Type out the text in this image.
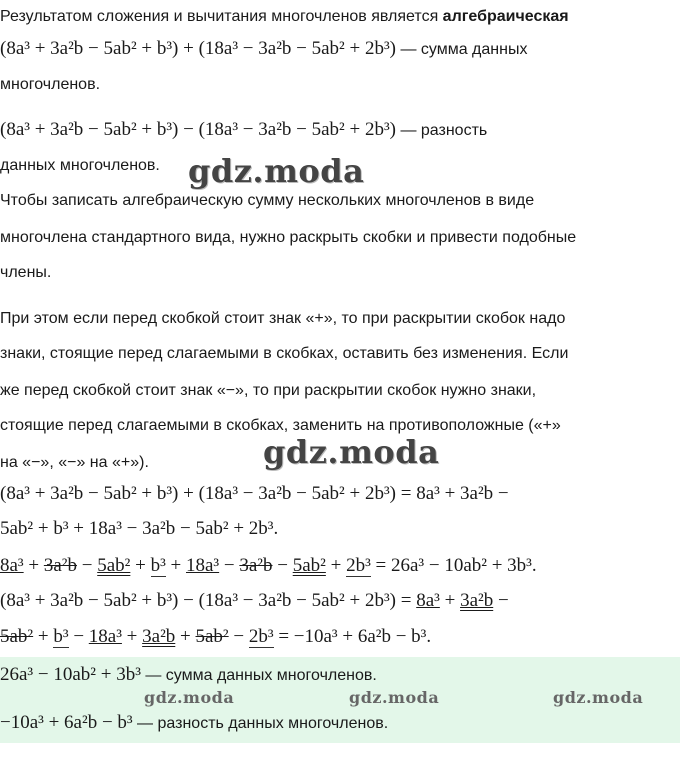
Результатом сложения и вычитания многочленов является алгебраическая
(8a³ + 3a²b − 5ab² + b³) + (18a³ − 3a²b − 5ab² + 2b³) — сумма данных
многочленов.
(8a³ + 3a²b − 5ab² + b³) − (18a³ − 3a²b − 5ab² + 2b³) — разность
данных многочленов.
Чтобы записать алгебраическую сумму нескольких многочленов в виде
многочлена стандартного вида, нужно раскрыть скобки и привести подобные
члены.
При этом если перед скобкой стоит знак «+», то при раскрытии скобок надо
знаки, стоящие перед слагаемыми в скобках, оставить без изменения. Если
же перед скобкой стоит знак «−», то при раскрытии скобок нужно знаки,
стоящие перед слагаемыми в скобках, заменить на противоположные («+»
на «−», «−» на «+»).
(8a³ + 3a²b − 5ab² + b³) + (18a³ − 3a²b − 5ab² + 2b³) = 8a³ + 3a²b −
5ab² + b³ + 18a³ − 3a²b − 5ab² + 2b³.
8a³ + 3a²b − 5ab² + b³ + 18a³ − 3a²b − 5ab² + 2b³ = 26a³ − 10ab² + 3b³.
(8a³ + 3a²b − 5ab² + b³) − (18a³ − 3a²b − 5ab² + 2b³) = 8a³ + 3a²b −
5ab² + b³ − 18a³ + 3a²b + 5ab² − 2b³ = −10a³ + 6a²b − b³.
26a³ − 10ab² + 3b³ — сумма данных многочленов.
−10a³ + 6a²b − b³ — разность данных многочленов.
gdz.moda
gdz.moda
gdz.moda	gdz.moda	gdz.moda
